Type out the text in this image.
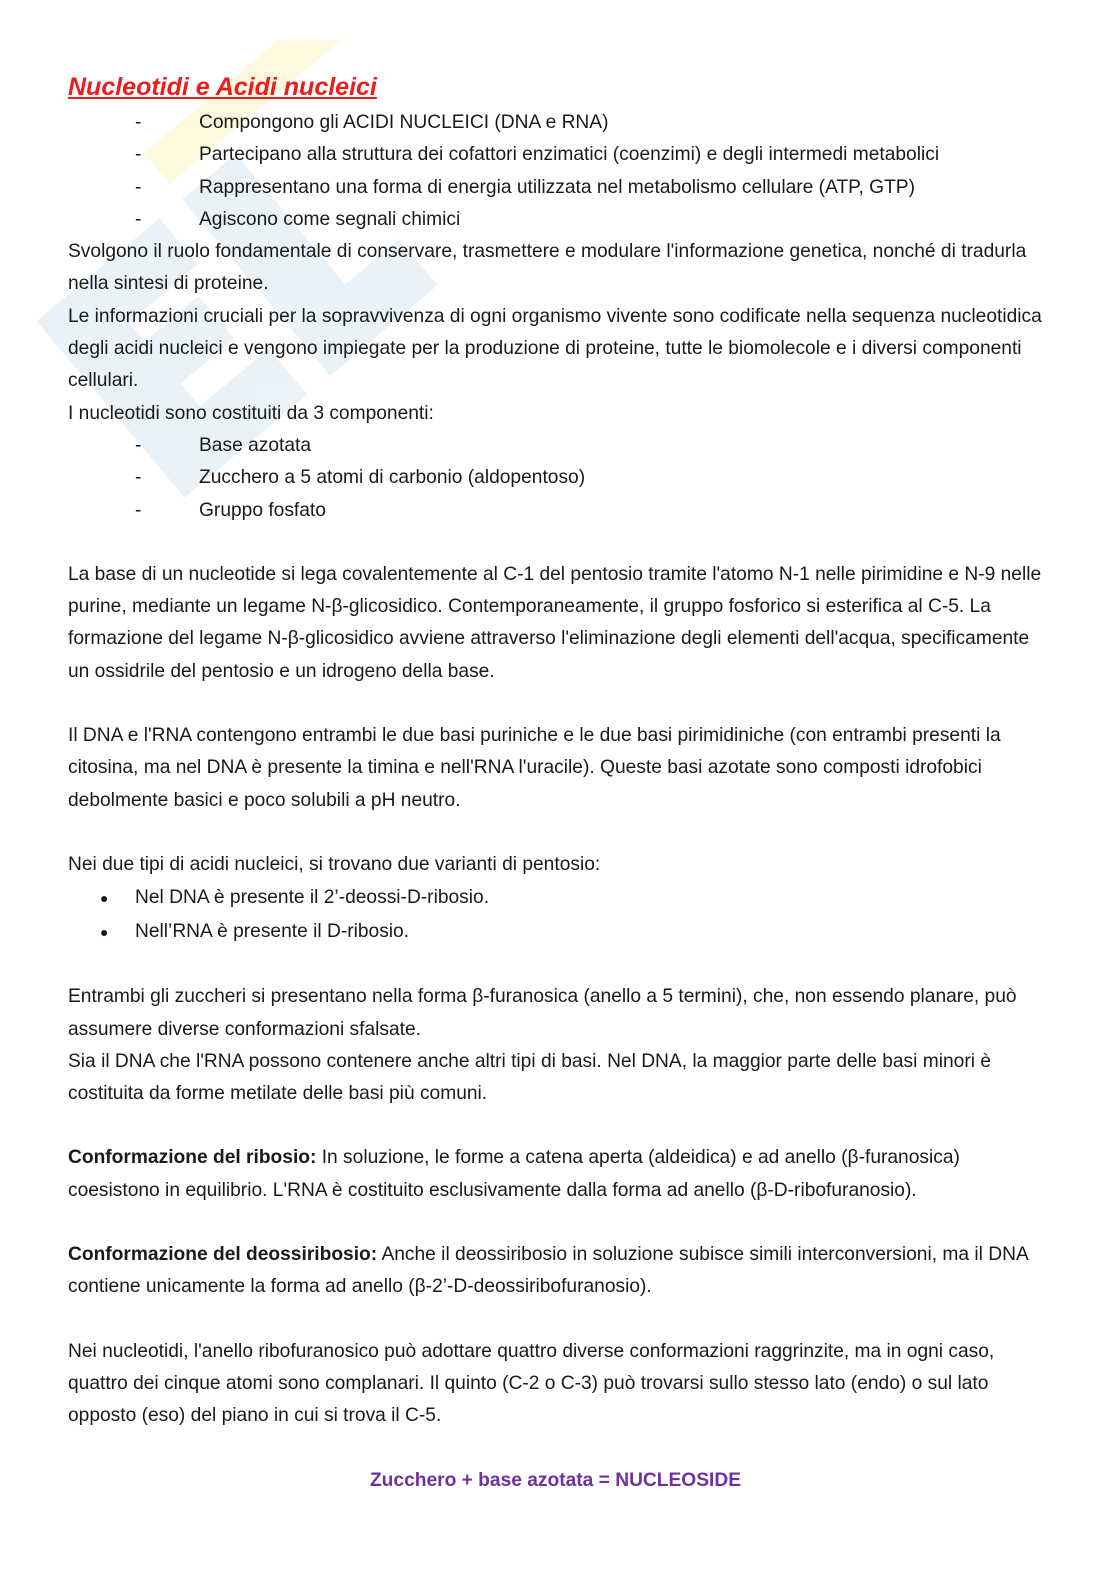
Nucleotidi e Acidi nucleici
-	Compongono gli ACIDI NUCLEICI (DNA e RNA)
-	Partecipano alla struttura dei cofattori enzimatici (coenzimi) e degli intermedi metabolici
-	Rappresentano una forma di energia utilizzata nel metabolismo cellulare (ATP, GTP)
-	Agiscono come segnali chimici

Svolgono il ruolo fondamentale di conservare, trasmettere e modulare l'informazione genetica, nonché di tradurla nella sintesi di proteine.

Le informazioni cruciali per la sopravvivenza di ogni organismo vivente sono codificate nella sequenza nucleotidica degli acidi nucleici e vengono impiegate per la produzione di proteine, tutte le biomolecole e i diversi componenti cellulari.

I nucleotidi sono costituiti da 3 componenti:

-	Base azotata
-	Zucchero a 5 atomi di carbonio (aldopentoso)
-	Gruppo fosfato

La base di un nucleotide si lega covalentemente al C-1 del pentosio tramite l'atomo N-1 nelle pirimidine e N-9 nelle purine, mediante un legame N-β-glicosidico. Contemporaneamente, il gruppo fosforico si esterifica al C-5. La formazione del legame N-β-glicosidico avviene attraverso l'eliminazione degli elementi dell'acqua, specificamente un ossidrile del pentosio e un idrogeno della base.

Il DNA e l'RNA contengono entrambi le due basi puriniche e le due basi pirimidiniche (con entrambi presenti la citosina, ma nel DNA è presente la timina e nell'RNA l'uracile). Queste basi azotate sono composti idrofobici debolmente basici e poco solubili a pH neutro.

Nei due tipi di acidi nucleici, si trovano due varianti di pentosio:

● Nel DNA è presente il 2’-deossi-D-ribosio.
● Nell’RNA è presente il D-ribosio.

Entrambi gli zuccheri si presentano nella forma β-furanosica (anello a 5 termini), che, non essendo planare, può assumere diverse conformazioni sfalsate.

Sia il DNA che l'RNA possono contenere anche altri tipi di basi. Nel DNA, la maggior parte delle basi minori è costituita da forme metilate delle basi più comuni.

Conformazione del ribosio: In soluzione, le forme a catena aperta (aldeidica) e ad anello (β-furanosica) coesistono in equilibrio. L'RNA è costituito esclusivamente dalla forma ad anello (β-D-ribofuranosio).

Conformazione del deossiribosio: Anche il deossiribosio in soluzione subisce simili interconversioni, ma il DNA contiene unicamente la forma ad anello (β-2’-D-deossiribofuranosio).

Nei nucleotidi, l'anello ribofuranosico può adottare quattro diverse conformazioni raggrinzite, ma in ogni caso, quattro dei cinque atomi sono complanari. Il quinto (C-2 o C-3) può trovarsi sullo stesso lato (endo) o sul lato opposto (eso) del piano in cui si trova il C-5.

Zucchero + base azotata = NUCLEOSIDE
